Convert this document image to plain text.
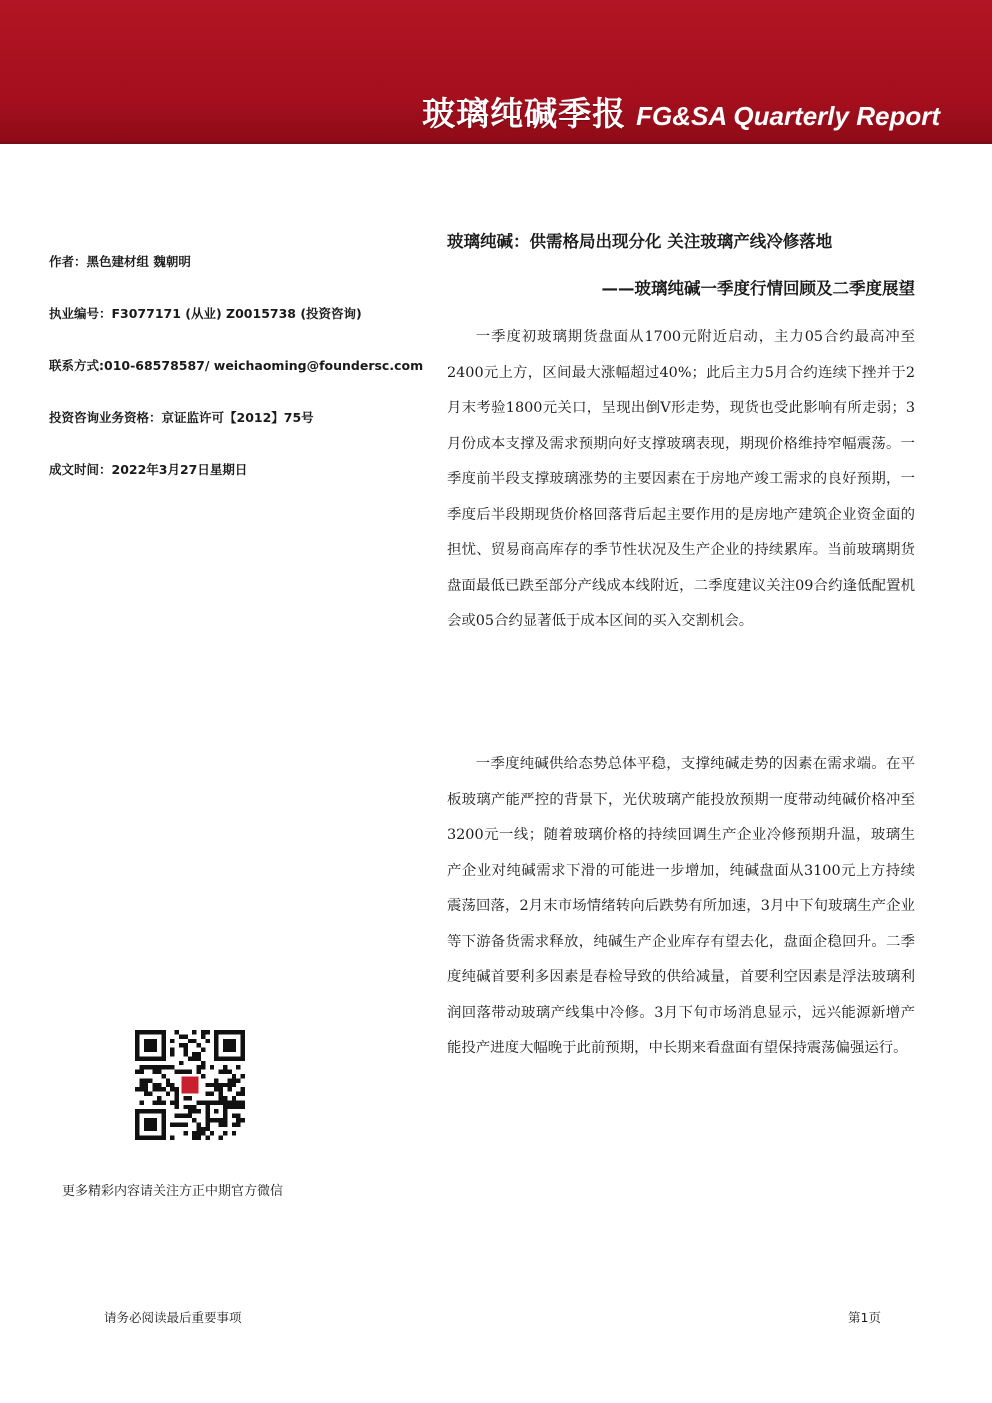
玻璃纯碱季报 FG&SA Quarterly Report
作者：黑色建材组 魏朝明
执业编号：F3077171 (从业) Z0015738 (投资咨询)
联系方式:010-68578587/ weichaoming@foundersc.com
投资咨询业务资格：京证监许可【2012】75号
成文时间：2022年3月27日星期日
玻璃纯碱：供需格局出现分化 关注玻璃产线冷修落地
——玻璃纯碱一季度行情回顾及二季度展望

一季度初玻璃期货盘面从1700元附近启动，主力05合约最高冲至2400元上方，区间最大涨幅超过40%；此后主力5月合约连续下挫并于2月末考验1800元关口，呈现出倒V形走势，现货也受此影响有所走弱；3月份成本支撑及需求预期向好支撑玻璃表现，期现价格维持窄幅震荡。一季度前半段支撑玻璃涨势的主要因素在于房地产竣工需求的良好预期，一季度后半段期现货价格回落背后起主要作用的是房地产建筑企业资金面的担忧、贸易商高库存的季节性状况及生产企业的持续累库。当前玻璃期货盘面最低已跌至部分产线成本线附近，二季度建议关注09合约逢低配置机会或05合约显著低于成本区间的买入交割机会。

一季度纯碱供给态势总体平稳，支撑纯碱走势的因素在需求端。在平板玻璃产能严控的背景下，光伏玻璃产能投放预期一度带动纯碱价格冲至3200元一线；随着玻璃价格的持续回调生产企业冷修预期升温，玻璃生产企业对纯碱需求下滑的可能进一步增加，纯碱盘面从3100元上方持续震荡回落，2月末市场情绪转向后跌势有所加速，3月中下旬玻璃生产企业等下游备货需求释放，纯碱生产企业库存有望去化，盘面企稳回升。二季度纯碱首要利多因素是春检导致的供给减量，首要利空因素是浮法玻璃利润回落带动玻璃产线集中冷修。3月下旬市场消息显示，远兴能源新增产能投产进度大幅晚于此前预期，中长期来看盘面有望保持震荡偏强运行。

更多精彩内容请关注方正中期官方微信
请务必阅读最后重要事项	第1页
